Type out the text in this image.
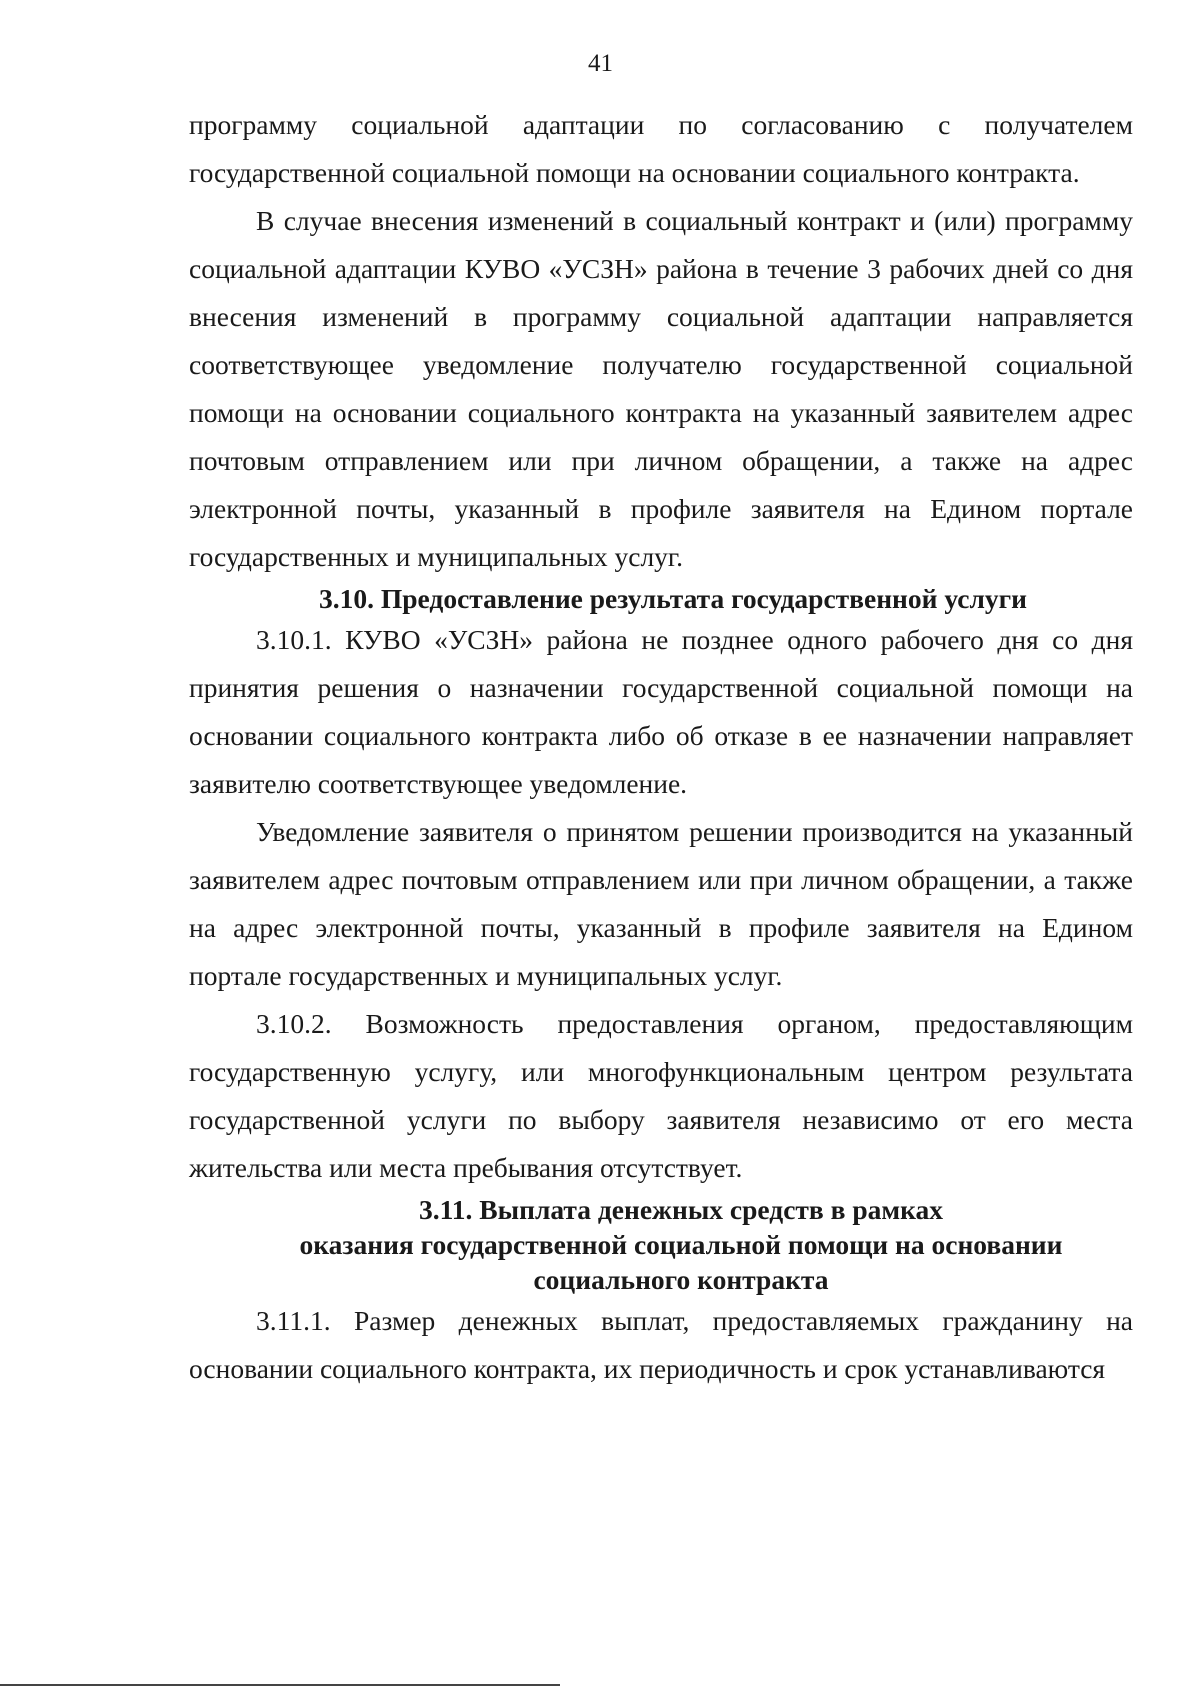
41

программу социальной адаптации по согласованию с получателем государственной социальной помощи на основании социального контракта.

В случае внесения изменений в социальный контракт и (или) программу социальной адаптации КУВО «УСЗН» района в течение 3 рабочих дней со дня внесения изменений в программу социальной адаптации направляется соответствующее уведомление получателю государственной социальной помощи на основании социального контракта на указанный заявителем адрес почтовым отправлением или при личном обращении, а также на адрес электронной почты, указанный в профиле заявителя на Едином портале государственных и муниципальных услуг.

3.10. Предоставление результата государственной услуги

3.10.1. КУВО «УСЗН» района не позднее одного рабочего дня со дня принятия решения о назначении государственной социальной помощи на основании социального контракта либо об отказе в ее назначении направляет заявителю соответствующее уведомление.

Уведомление заявителя о принятом решении производится на указанный заявителем адрес почтовым отправлением или при личном обращении, а также на адрес электронной почты, указанный в профиле заявителя на Едином портале государственных и муниципальных услуг.

3.10.2. Возможность предоставления органом, предоставляющим государственную услугу, или многофункциональным центром результата государственной услуги по выбору заявителя независимо от его места жительства или места пребывания отсутствует.

3.11. Выплата денежных средств в рамках
оказания государственной социальной помощи на основании
социального контракта

3.11.1. Размер денежных выплат, предоставляемых гражданину на основании социального контракта, их периодичность и срок устанавливаются
